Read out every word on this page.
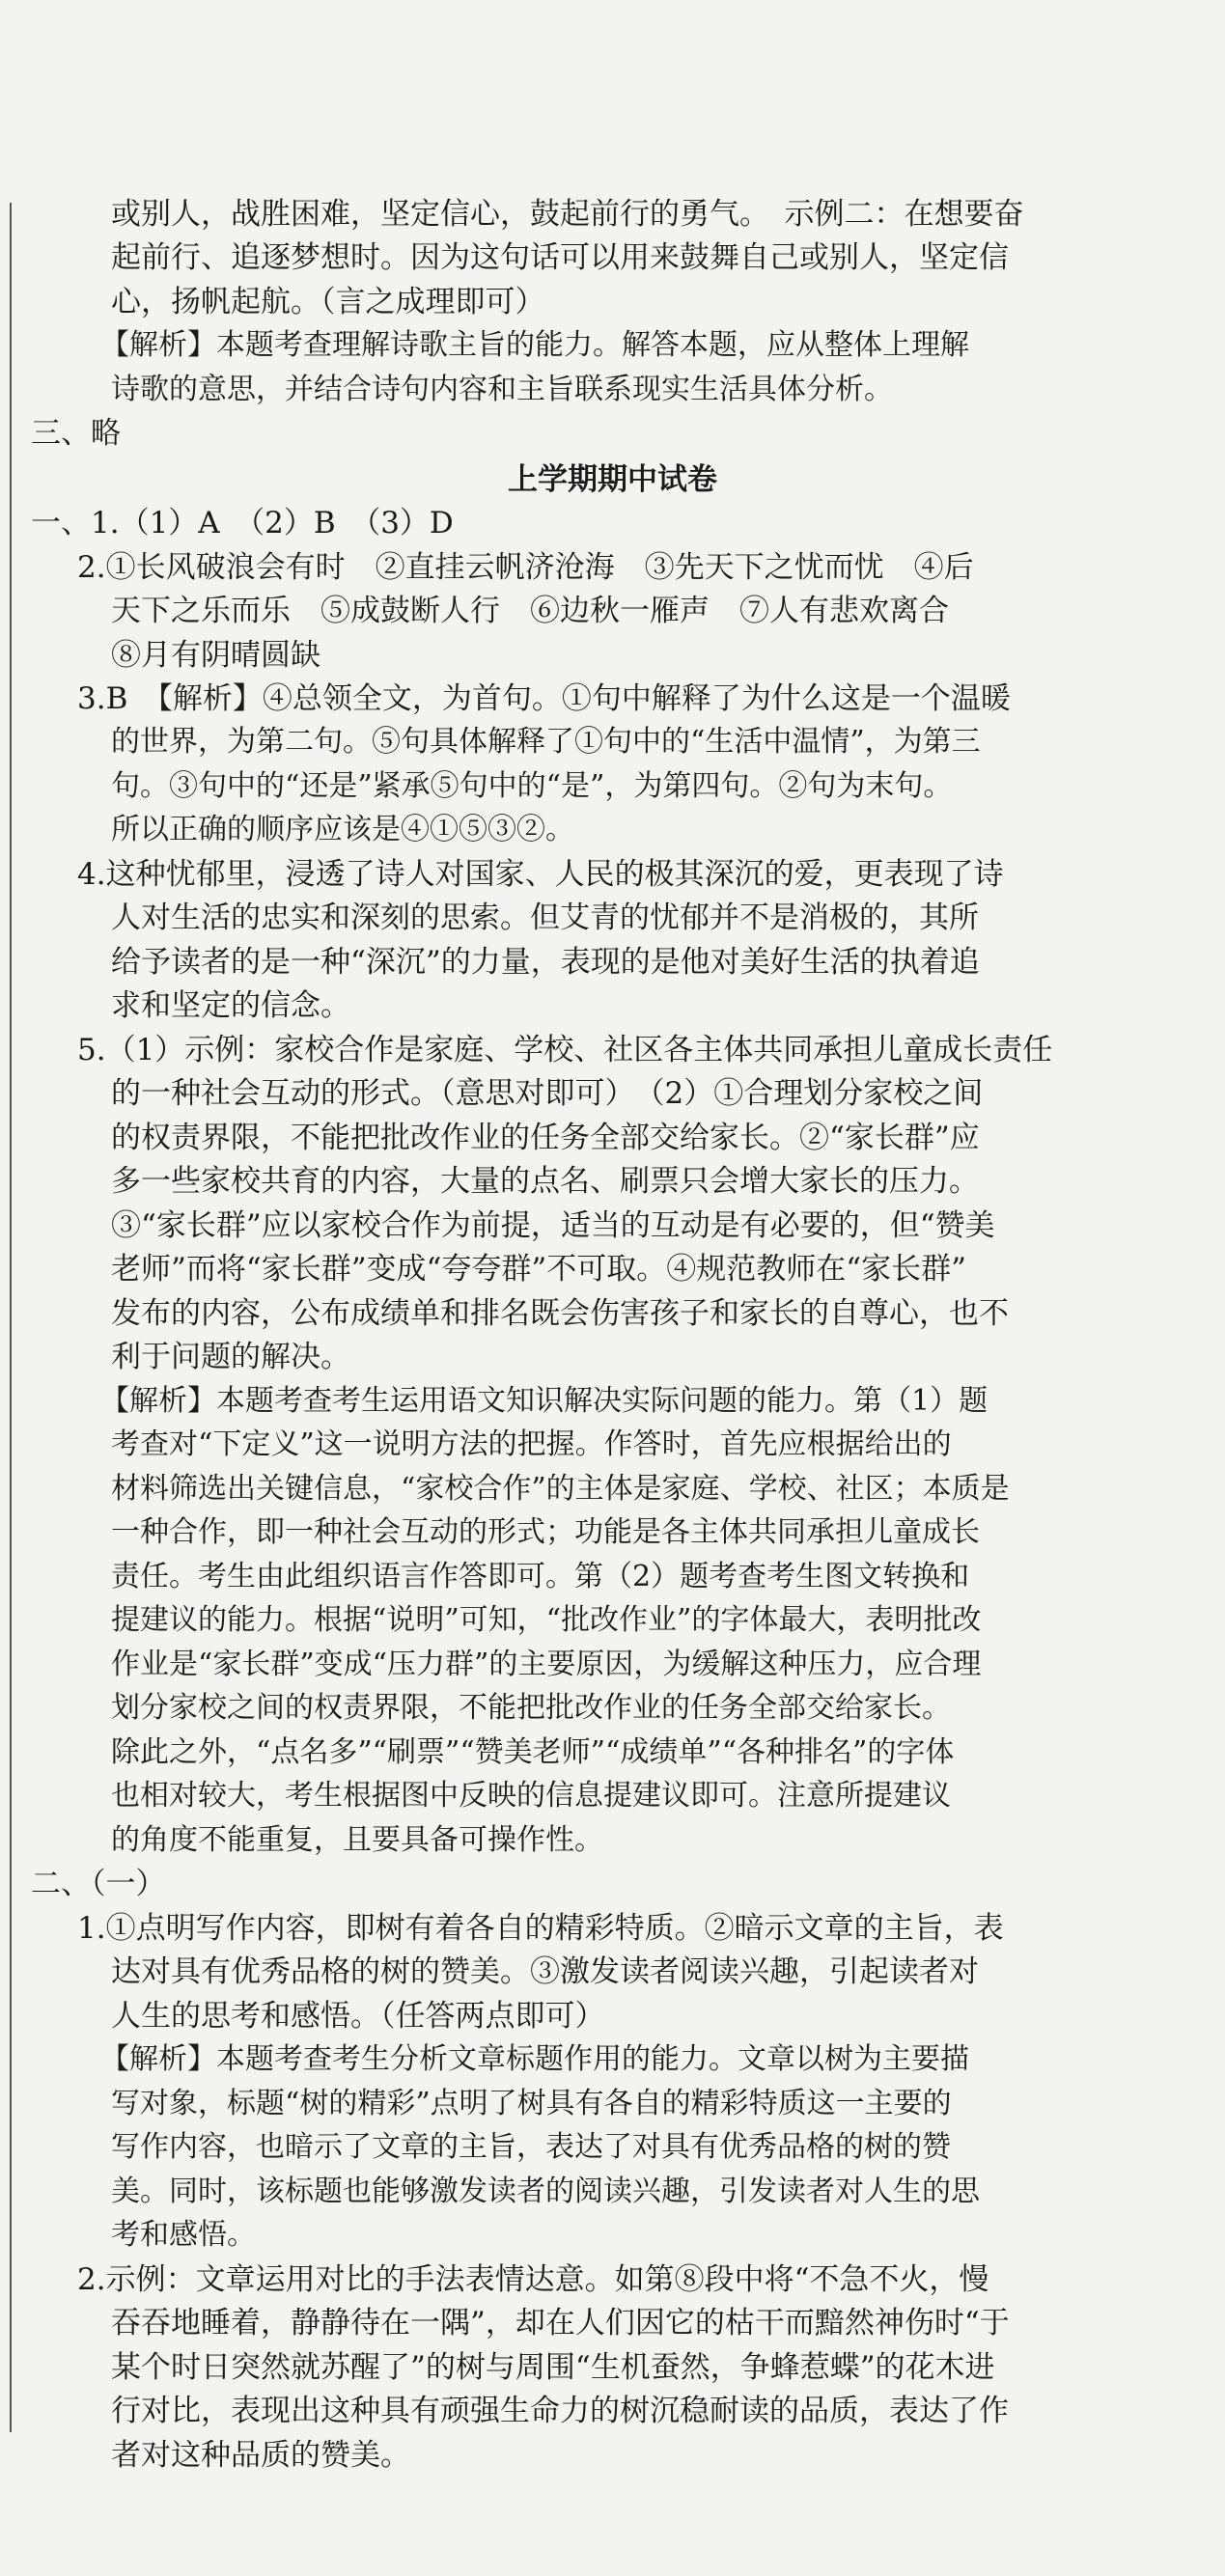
或别人，战胜困难，坚定信心，鼓起前行的勇气。　示例二：在想要奋
起前行、追逐梦想时。因为这句话可以用来鼓舞自己或别人，坚定信
心，扬帆起航。（言之成理即可）
【解析】本题考查理解诗歌主旨的能力。解答本题，应从整体上理解
诗歌的意思，并结合诗句内容和主旨联系现实生活具体分析。
三、略
上学期期中试卷
一、1.（1）A　（2）B　（3）D
2.①长风破浪会有时　②直挂云帆济沧海　③先天下之忧而忧　④后
天下之乐而乐　⑤成鼓断人行　⑥边秋一雁声　⑦人有悲欢离合
⑧月有阴晴圆缺
3.B　【解析】④总领全文，为首句。①句中解释了为什么这是一个温暖
的世界，为第二句。⑤句具体解释了①句中的“生活中温情”，为第三
句。③句中的“还是”紧承⑤句中的“是”，为第四句。②句为末句。
所以正确的顺序应该是④①⑤③②。
4.这种忧郁里，浸透了诗人对国家、人民的极其深沉的爱，更表现了诗
人对生活的忠实和深刻的思索。但艾青的忧郁并不是消极的，其所
给予读者的是一种“深沉”的力量，表现的是他对美好生活的执着追
求和坚定的信念。
5.（1）示例：家校合作是家庭、学校、社区各主体共同承担儿童成长责任
的一种社会互动的形式。（意思对即可）　（2）①合理划分家校之间
的权责界限，不能把批改作业的任务全部交给家长。②“家长群”应
多一些家校共育的内容，大量的点名、刷票只会增大家长的压力。
③“家长群”应以家校合作为前提，适当的互动是有必要的，但“赞美
老师”而将“家长群”变成“夸夸群”不可取。④规范教师在“家长群”
发布的内容，公布成绩单和排名既会伤害孩子和家长的自尊心，也不
利于问题的解决。
【解析】本题考查考生运用语文知识解决实际问题的能力。第（1）题
考查对“下定义”这一说明方法的把握。作答时，首先应根据给出的
材料筛选出关键信息，“家校合作”的主体是家庭、学校、社区；本质是
一种合作，即一种社会互动的形式；功能是各主体共同承担儿童成长
责任。考生由此组织语言作答即可。第（2）题考查考生图文转换和
提建议的能力。根据“说明”可知，“批改作业”的字体最大，表明批改
作业是“家长群”变成“压力群”的主要原因，为缓解这种压力，应合理
划分家校之间的权责界限，不能把批改作业的任务全部交给家长。
除此之外，“点名多”“刷票”“赞美老师”“成绩单”“各种排名”的字体
也相对较大，考生根据图中反映的信息提建议即可。注意所提建议
的角度不能重复，且要具备可操作性。
二、（一）
1.①点明写作内容，即树有着各自的精彩特质。②暗示文章的主旨，表
达对具有优秀品格的树的赞美。③激发读者阅读兴趣，引起读者对
人生的思考和感悟。（任答两点即可）
【解析】本题考查考生分析文章标题作用的能力。文章以树为主要描
写对象，标题“树的精彩”点明了树具有各自的精彩特质这一主要的
写作内容，也暗示了文章的主旨，表达了对具有优秀品格的树的赞
美。同时，该标题也能够激发读者的阅读兴趣，引发读者对人生的思
考和感悟。
2.示例：文章运用对比的手法表情达意。如第⑧段中将“不急不火，慢
吞吞地睡着，静静待在一隅”，却在人们因它的枯干而黯然神伤时“于
某个时日突然就苏醒了”的树与周围“生机蚕然，争蜂惹蝶”的花木进
行对比，表现出这种具有顽强生命力的树沉稳耐读的品质，表达了作
者对这种品质的赞美。
